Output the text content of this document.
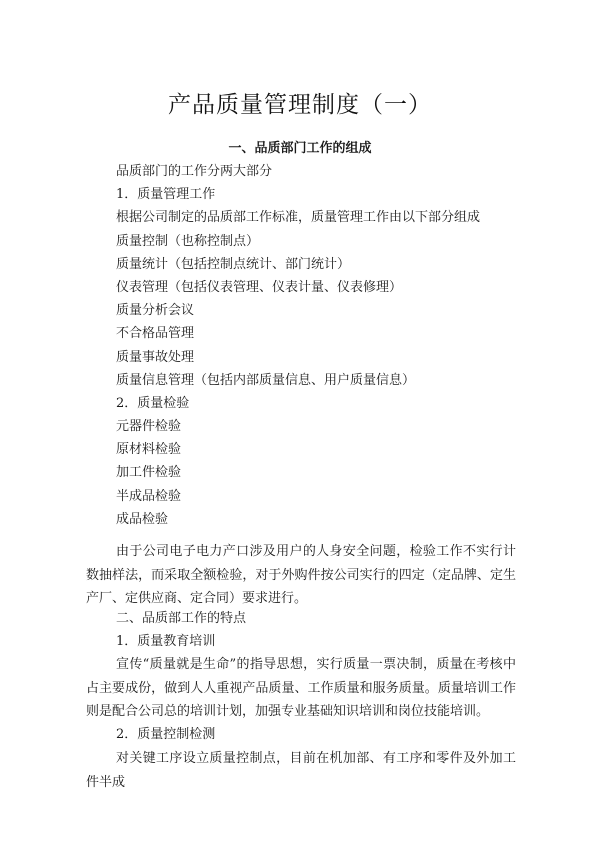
产品质量管理制度（一）
一、品质部门工作的组成
品质部门的工作分两大部分
1．质量管理工作
根据公司制定的品质部工作标准，质量管理工作由以下部分组成
质量控制（也称控制点）
质量统计（包括控制点统计、部门统计）
仪表管理（包括仪表管理、仪表计量、仪表修理）
质量分析会议
不合格品管理
质量事故处理
质量信息管理（包括内部质量信息、用户质量信息）
2．质量检验
元器件检验
原材料检验
加工件检验
半成品检验
成品检验

由于公司电子电力产口涉及用户的人身安全问题，检验工作不实行计数抽样法，而采取全额检验，对于外购件按公司实行的四定（定品牌、定生产厂、定供应商、定合同）要求进行。

二、品质部工作的特点

1．质量教育培训

宣传“质量就是生命”的指导思想，实行质量一票决制，质量在考核中占主要成份，做到人人重视产品质量、工作质量和服务质量。质量培训工作则是配合公司总的培训计划，加强专业基础知识培训和岗位技能培训。

2．质量控制检测

对关键工序设立质量控制点，目前在机加部、有工序和零件及外加工件半成
